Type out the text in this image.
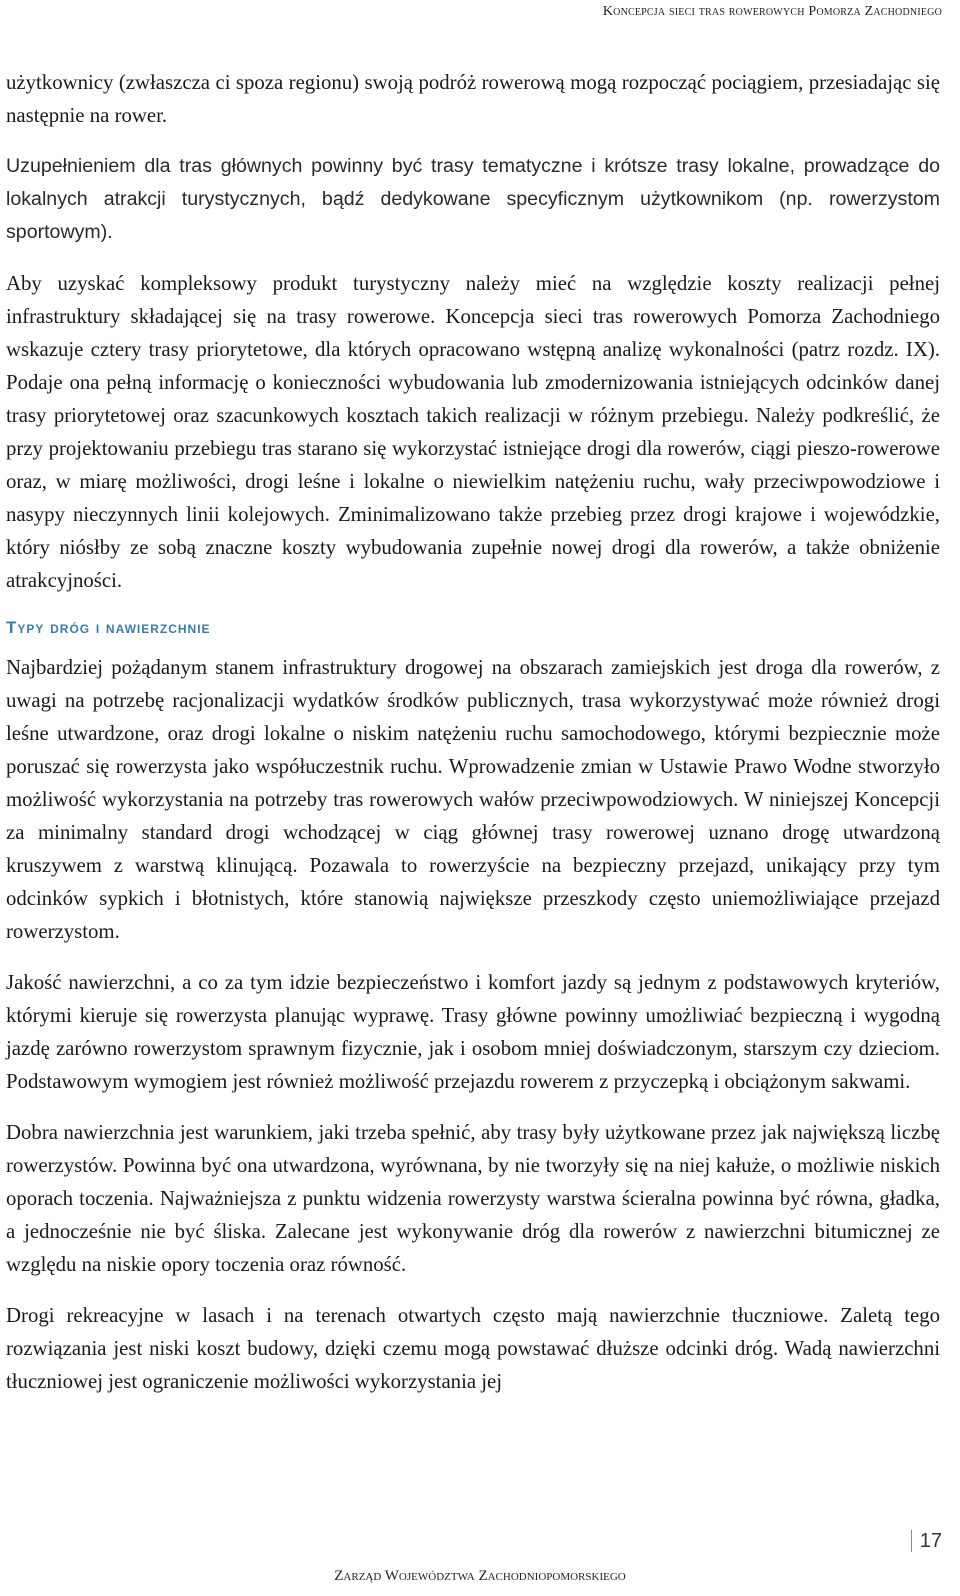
Koncepcja sieci tras rowerowych Pomorza Zachodniego

użytkownicy (zwłaszcza ci spoza regionu) swoją podróż rowerową mogą rozpocząć pociągiem, przesiadając się następnie na rower.

Uzupełnieniem dla tras głównych powinny być trasy tematyczne i krótsze trasy lokalne, prowadzące do lokalnych atrakcji turystycznych, bądź dedykowane specyficznym użytkownikom (np. rowerzystom sportowym).

Aby uzyskać kompleksowy produkt turystyczny należy mieć na względzie koszty realizacji pełnej infrastruktury składającej się na trasy rowerowe. Koncepcja sieci tras rowerowych Pomorza Zachodniego wskazuje cztery trasy priorytetowe, dla których opracowano wstępną analizę wykonalności (patrz rozdz. IX). Podaje ona pełną informację o konieczności wybudowania lub zmodernizowania istniejących odcinków danej trasy priorytetowej oraz szacunkowych kosztach takich realizacji w różnym przebiegu. Należy podkreślić, że przy projektowaniu przebiegu tras starano się wykorzystać istniejące drogi dla rowerów, ciągi pieszo-rowerowe oraz, w miarę możliwości, drogi leśne i lokalne o niewielkim natężeniu ruchu, wały przeciwpowodziowe i nasypy nieczynnych linii kolejowych. Zminimalizowano także przebieg przez drogi krajowe i wojewódzkie, który niósłby ze sobą znaczne koszty wybudowania zupełnie nowej drogi dla rowerów, a także obniżenie atrakcyjności.

Typy dróg i nawierzchnie

Najbardziej pożądanym stanem infrastruktury drogowej na obszarach zamiejskich jest droga dla rowerów, z uwagi na potrzebę racjonalizacji wydatków środków publicznych, trasa wykorzystywać może również drogi leśne utwardzone, oraz drogi lokalne o niskim natężeniu ruchu samochodowego, którymi bezpiecznie może poruszać się rowerzysta jako współuczestnik ruchu. Wprowadzenie zmian w Ustawie Prawo Wodne stworzyło możliwość wykorzystania na potrzeby tras rowerowych wałów przeciwpowodziowych. W niniejszej Koncepcji za minimalny standard drogi wchodzącej w ciąg głównej trasy rowerowej uznano drogę utwardzoną kruszywem z warstwą klinującą. Pozawala to rowerzyście na bezpieczny przejazd, unikający przy tym odcinków sypkich i błotnistych, które stanowią największe przeszkody często uniemożliwiające przejazd rowerzystom.

Jakość nawierzchni, a co za tym idzie bezpieczeństwo i komfort jazdy są jednym z podstawowych kryteriów, którymi kieruje się rowerzysta planując wyprawę. Trasy główne powinny umożliwiać bezpieczną i wygodną jazdę zarówno rowerzystom sprawnym fizycznie, jak i osobom mniej doświadczonym, starszym czy dzieciom. Podstawowym wymogiem jest również możliwość przejazdu rowerem z przyczepką i obciążonym sakwami.

Dobra nawierzchnia jest warunkiem, jaki trzeba spełnić, aby trasy były użytkowane przez jak największą liczbę rowerzystów. Powinna być ona utwardzona, wyrównana, by nie tworzyły się na niej kałuże, o możliwie niskich oporach toczenia. Najważniejsza z punktu widzenia rowerzysty warstwa ścieralna powinna być równa, gładka, a jednocześnie nie być śliska. Zalecane jest wykonywanie dróg dla rowerów z nawierzchni bitumicznej ze względu na niskie opory toczenia oraz równość.

Drogi rekreacyjne w lasach i na terenach otwartych często mają nawierzchnie tłuczniowe. Zaletą tego rozwiązania jest niski koszt budowy, dzięki czemu mogą powstawać dłuższe odcinki dróg. Wadą nawierzchni tłuczniowej jest ograniczenie możliwości wykorzystania jej

17
Zarząd Województwa Zachodniopomorskiego
